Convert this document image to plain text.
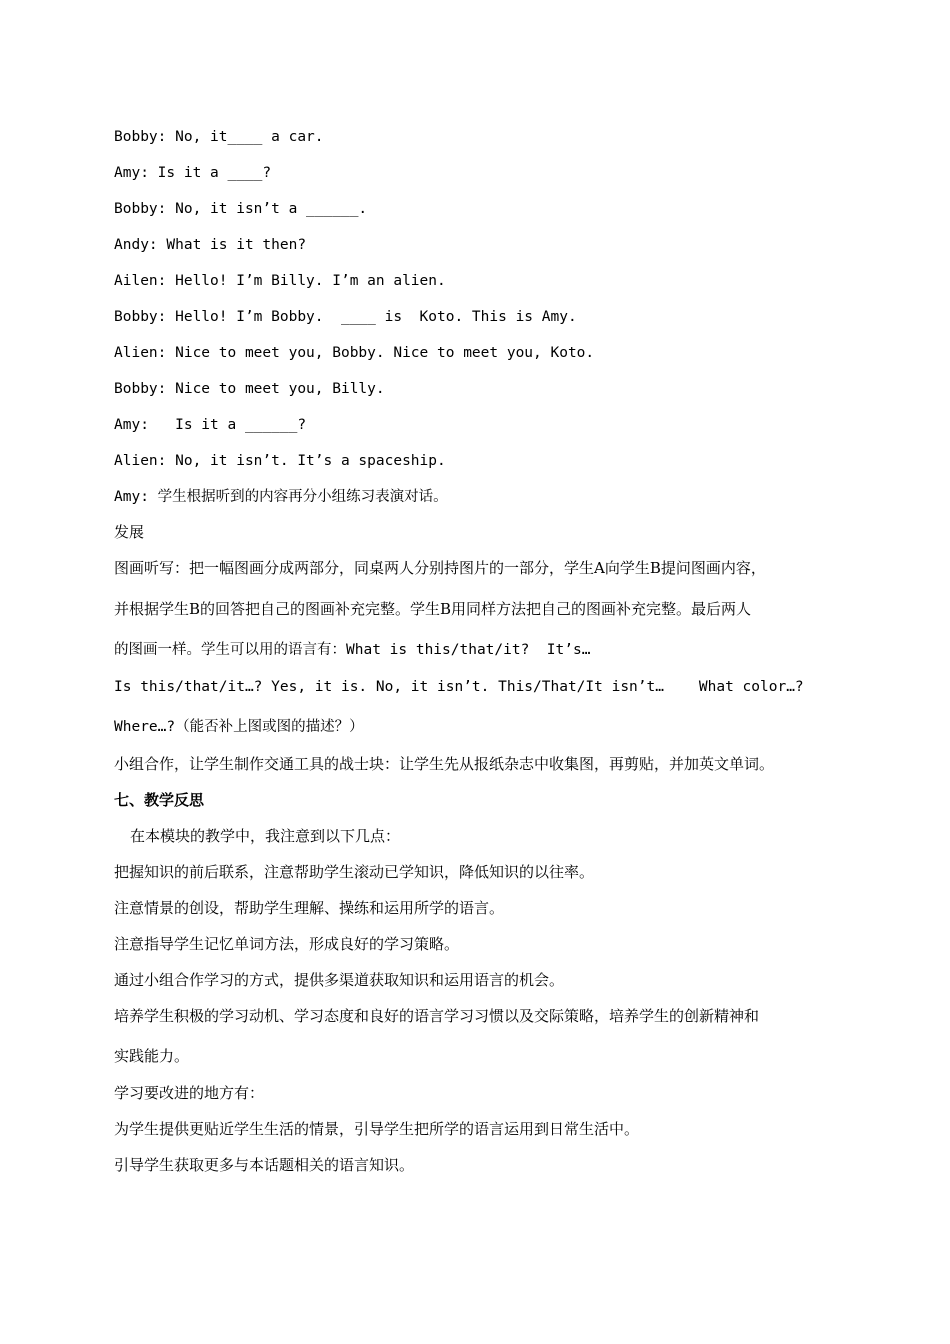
Bobby: No, it____ a car.
Amy: Is it a ____?
Bobby: No, it isn’t a ______.
Andy: What is it then?
Ailen: Hello! I’m Billy. I’m an alien.
Bobby: Hello! I’m Bobby.  ____ is  Koto. This is Amy.
Alien: Nice to meet you, Bobby. Nice to meet you, Koto.
Bobby: Nice to meet you, Billy.
Amy:   Is it a ______?
Alien: No, it isn’t. It’s a spaceship.
Amy: 学生根据听到的内容再分小组练习表演对话。
发展
图画听写：把一幅图画分成两部分，同桌两人分别持图片的一部分，学生A向学生B提问图画内容，
并根据学生B的回答把自己的图画补充完整。学生B用同样方法把自己的图画补充完整。最后两人
的图画一样。学生可以用的语言有：What is this/that/it?  It’s…
Is this/that/it…? Yes, it is. No, it isn’t. This/That/It isn’t…    What color…?
Where…?（能否补上图或图的描述？）
小组合作，让学生制作交通工具的战士块：让学生先从报纸杂志中收集图，再剪贴，并加英文单词。
七、教学反思
在本模块的教学中，我注意到以下几点：
把握知识的前后联系，注意帮助学生滚动已学知识，降低知识的以往率。
注意情景的创设，帮助学生理解、操练和运用所学的语言。
注意指导学生记忆单词方法，形成良好的学习策略。
通过小组合作学习的方式，提供多渠道获取知识和运用语言的机会。
培养学生积极的学习动机、学习态度和良好的语言学习习惯以及交际策略，培养学生的创新精神和
实践能力。
学习要改进的地方有：
为学生提供更贴近学生生活的情景，引导学生把所学的语言运用到日常生活中。
引导学生获取更多与本话题相关的语言知识。
